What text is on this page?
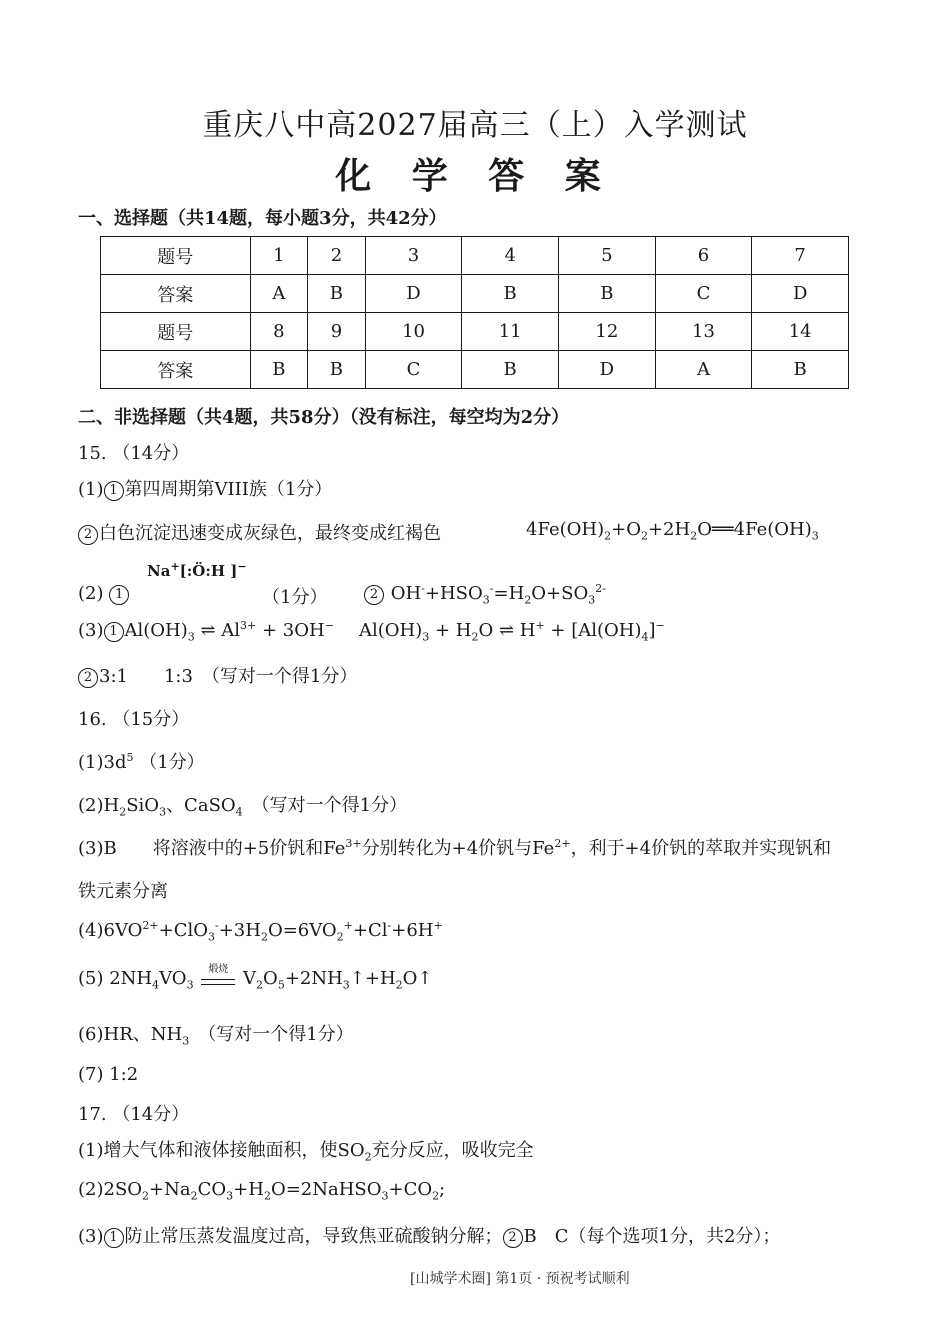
重庆八中高2027届高三（上）入学测试
化 学 答 案
一、选择题（共14题，每小题3分，共42分）
题号	1	2	3	4	5	6	7
答案	A	B	D	B	B	C	D
题号	8	9	10	11	12	13	14
答案	B	B	C	B	D	A	B
二、非选择题（共4题，共58分）（没有标注，每空均为2分）
15. （14分）
(1) 1 第四周期第VIII族（1分）
2 白色沉淀迅速变成灰绿色，最终变成红褐色	$4Fe(OH)_2+O_2+2H_2O══4Fe(OH)_3$
Na+[:Ö:H ]−
(2) 1	（1分）	2 $OH^-+HSO_3^-=H_2O+SO_3^{2-}$
(3) 1 $Al(OH)_3$ ⇌ $Al^{3+} + 3OH^-$ $Al(OH)_3 + H_2O$ ⇌ $H^+ + [Al(OH)_4]^-$
2 3:1　　1:3　（写对一个得1分）
16. （15分）
$(1)3d^5$ （1分）
$(2)H_2SiO_3$、CaSO$_4$　 （写对一个得1分）
(3)B　　将溶液中的+5价钒和$Fe^{3+}$分别转化为+4价钒与$Fe^{2+}$，利于+4价钒的萃取并实现钒和
铁元素分离
$(4)6VO^{2+}+ClO_3^-+3H_2O=6VO_2^++Cl^-+6H^+$
(5) $2NH_4VO_3$
煅烧 $V_2O_5+2NH_3↑+H_2O↑$
(6)HR、$NH_3$　 （写对一个得1分）
(7) 1:2
17. （14分）
(1)增大气体和液体接触面积，使$SO_2$充分反应，吸收完全
$(2)2SO_2+Na_2CO_3+H_2O=2NaHSO_3+CO_2$;
(3) 1 防止常压蒸发温度过高，导致焦亚硫酸钠分解； 2 B　C（每个选项1分，共2分）；
[山城学术圈] 第1页 · 预祝考试顺利
